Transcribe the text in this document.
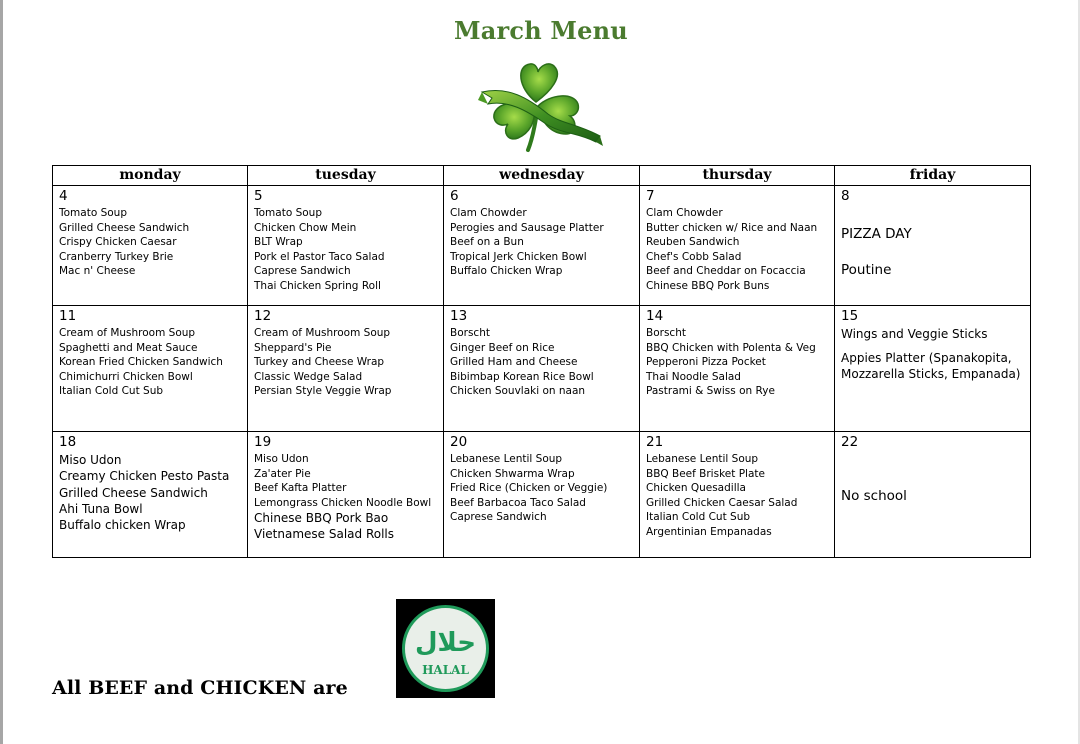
March Menu
monday	tuesday	wednesday	thursday	friday

4
Tomato Soup
Grilled Cheese Sandwich
Crispy Chicken Caesar
Cranberry Turkey Brie
Mac n' Cheese

5
Tomato Soup
Chicken Chow Mein
BLT Wrap
Pork el Pastor Taco Salad
Caprese Sandwich
Thai Chicken Spring Roll

6
Clam Chowder
Perogies and Sausage Platter
Beef on a Bun
Tropical Jerk Chicken Bowl
Buffalo Chicken Wrap

7
Clam Chowder
Butter chicken w/ Rice and Naan
Reuben Sandwich
Chef's Cobb Salad
Beef and Cheddar on Focaccia
Chinese BBQ Pork Buns

8
PIZZA DAY
Poutine

11
Cream of Mushroom Soup
Spaghetti and Meat Sauce
Korean Fried Chicken Sandwich
Chimichurri Chicken Bowl
Italian Cold Cut Sub

12
Cream of Mushroom Soup
Sheppard's Pie
Turkey and Cheese Wrap
Classic Wedge Salad
Persian Style Veggie Wrap

13
Borscht
Ginger Beef on Rice
Grilled Ham and Cheese
Bibimbap Korean Rice Bowl
Chicken Souvlaki on naan

14
Borscht
BBQ Chicken with Polenta & Veg
Pepperoni Pizza Pocket
Thai Noodle Salad
Pastrami & Swiss on Rye

15
Wings and Veggie Sticks
Appies Platter (Spanakopita, Mozzarella Sticks, Empanada)

18
Miso Udon
Creamy Chicken Pesto Pasta
Grilled Cheese Sandwich
Ahi Tuna Bowl
Buffalo chicken Wrap

19
Miso Udon
Za'ater Pie
Beef Kafta Platter
Lemongrass Chicken Noodle Bowl
Chinese BBQ Pork Bao
Vietnamese Salad Rolls

20
Lebanese Lentil Soup
Chicken Shwarma Wrap
Fried Rice (Chicken or Veggie)
Beef Barbacoa Taco Salad
Caprese Sandwich

21
Lebanese Lentil Soup
BBQ Beef Brisket Plate
Chicken Quesadilla
Grilled Chicken Caesar Salad
Italian Cold Cut Sub
Argentinian Empanadas

22
No school
All BEEF and CHICKEN are
حلال
HALAL
